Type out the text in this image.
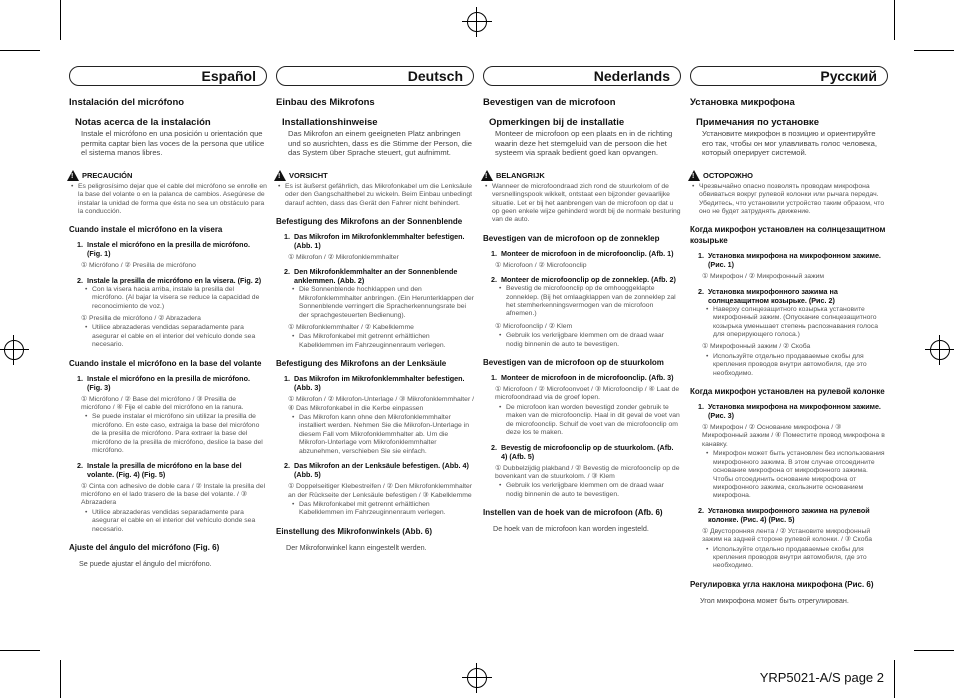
Español
Instalación del micrófono
Notas acerca de la instalación
Instale el micrófono en una posición u orientación que permita captar bien las voces de la persona que utilice el sistema manos libres.
! PRECAUCIÓN
• Es peligrosísimo dejar que el cable del micrófono se enrolle en la base del volante o en la palanca de cambios. Asegúrese de instalar la unidad de forma que ésta no sea un obstáculo para la conducción.
Cuando instale el micrófono en la visera
1. Instale el micrófono en la presilla de micrófono. (Fig. 1)
① Micrófono / ② Presilla de micrófono
2. Instale la presilla de micrófono en la visera. (Fig. 2)
• Con la visera hacia arriba, instale la presilla del micrófono. (Al bajar la visera se reduce la capacidad de reconocimiento de voz.)
① Presilla de micrófono / ② Abrazadera
• Utilice abrazaderas vendidas separadamente para asegurar el cable en el interior del vehículo donde sea necesario.
Cuando instale el micrófono en la base del volante
1. Instale el micrófono en la presilla de micrófono. (Fig. 3)
① Micrófono / ② Base del micrófono / ③ Presilla de micrófono / ④ Fije el cable del micrófono en la ranura.
• Se puede instalar el micrófono sin utilizar la presilla de micrófono. En este caso, extraiga la base del micrófono de la presilla de micrófono. Para extraer la base del micrófono de la presilla de micrófono, deslice la base del micrófono.
2. Instale la presilla de micrófono en la base del volante. (Fig. 4) (Fig. 5)
① Cinta con adhesivo de doble cara / ② Instale la presilla del micrófono en el lado trasero de la base del volante. / ③ Abrazadera
• Utilice abrazaderas vendidas separadamente para asegurar el cable en el interior del vehículo donde sea necesario.
Ajuste del ángulo del micrófono (Fig. 6)
Se puede ajustar el ángulo del micrófono.
Deutsch
Einbau des Mikrofons
Installationshinweise
Das Mikrofon an einem geeigneten Platz anbringen und so ausrichten, dass es die Stimme der Person, die das System über Sprache steuert, gut aufnimmt.
! VORSICHT
• Es ist äußerst gefährlich, das Mikrofonkabel um die Lenksäule oder den Gangschalthebel zu wickeln. Beim Einbau unbedingt darauf achten, dass das Gerät den Fahrer nicht behindert.
Befestigung des Mikrofons an der Sonnenblende
1. Das Mikrofon im Mikrofonklemmhalter befestigen. (Abb. 1)
① Mikrofon / ② Mikrofonklemmhalter
2. Den Mikrofonklemmhalter an der Sonnenblende anklemmen. (Abb. 2)
• Die Sonnenblende hochklappen und den Mikrofonklemmhalter anbringen. (Ein Herunterklappen der Sonnenblende verringert die Spracherkennungsrate bei der sprachgesteuerten Bedienung).
① Mikrofonklemmhalter / ② Kabelklemme
• Das Mikrofonkabel mit getrennt erhältlichen Kabelklemmen im Fahrzeuginnenraum verlegen.
Befestigung des Mikrofons an der Lenksäule
1. Das Mikrofon im Mikrofonklemmhalter befestigen. (Abb. 3)
① Mikrofon / ② Mikrofon-Unterlage / ③ Mikrofonklemmhalter / ④ Das Mikrofonkabel in die Kerbe einpassen
• Das Mikrofon kann ohne den Mikrofonklemmhalter installiert werden. Nehmen Sie die Mikrofon-Unterlage in diesem Fall vom Mikrofonklemmhalter ab. Um die Mikrofon-Unterlage vom Mikrofonklemmhalter abzunehmen, verschieben Sie sie einfach.
2. Das Mikrofon an der Lenksäule befestigen. (Abb. 4) (Abb. 5)
① Doppelseitiger Klebestreifen / ② Den Mikrofonklemmhalter an der Rückseite der Lenksäule befestigen / ③ Kabelklemme
• Das Mikrofonkabel mit getrennt erhältlichen Kabelklemmen im Fahrzeuginnenraum verlegen.
Einstellung des Mikrofonwinkels (Abb. 6)
Der Mikrofonwinkel kann eingestellt werden.
Nederlands
Bevestigen van de microfoon
Opmerkingen bij de installatie
Monteer de microfoon op een plaats en in de richting waarin deze het stemgeluid van de persoon die het systeem via spraak bedient goed kan opvangen.
! BELANGRIJK
• Wanneer de microfoondraad zich rond de stuurkolom of de versnellingspook wikkelt, ontstaat een bijzonder gevaarlijke situatie. Let er bij het aanbrengen van de microfoon op dat u op geen enkele wijze gehinderd wordt bij de normale besturing van de auto.
Bevestigen van de microfoon op de zonneklep
1. Monteer de microfoon in de microfoonclip. (Afb. 1)
① Microfoon / ② Microfoonclip
2. Monteer de microfoonclip op de zonneklep. (Afb. 2)
• Bevestig de microfoonclip op de omhooggeklapte zonneklep. (Bij het omlaagklappen van de zonneklep zal het stemherkenningsvermogen van de microfoon afnemen.)
① Microfoonclip / ② Klem
• Gebruik los verkrijgbare klemmen om de draad waar nodig binnenin de auto te bevestigen.
Bevestigen van de microfoon op de stuurkolom
1. Monteer de microfoon in de microfoonclip. (Afb. 3)
① Microfoon / ② Microfoonvoet / ③ Microfoonclip / ④ Laat de microfoondraad via de groef lopen.
• De microfoon kan worden bevestigd zonder gebruik te maken van de microfoonclip. Haal in dit geval de voet van de microfoonclip. Schuif de voet van de microfoonclip om deze los te maken.
2. Bevestig de microfoonclip op de stuurkolom. (Afb. 4) (Afb. 5)
① Dubbelzijdig plakband / ② Bevestig de microfoonclip op de bovenkant van de stuurkolom. / ③ Klem
• Gebruik los verkrijgbare klemmen om de draad waar nodig binnenin de auto te bevestigen.
Instellen van de hoek van de microfoon (Afb. 6)
De hoek van de microfoon kan worden ingesteld.
Русский
Установка микрофона
Примечания по установке
Установите микрофон в позицию и ориентируйте его так, чтобы он мог улавливать голос человека, который оперирует системой.
! ОСТОРОЖНО
• Чрезвычайно опасно позволять проводам микрофона обвиваться вокруг рулевой колонки или рычага передач. Убедитесь, что установили устройство таким образом, что оно не будет затруднять движение.
Когда микрофон установлен на солнцезащитном козырьке
1. Установка микрофона на микрофонном зажиме. (Рис. 1)
① Микрофон / ② Микрофонный зажим
2. Установка микрофонного зажима на солнцезащитном козырьке. (Рис. 2)
• Наверху солнцезащитного козырька установите микрофонный зажим. (Опускание солнцезащитного козырька уменьшает степень распознавания голоса для оперирующего голоса.)
① Микрофонный зажим / ② Скоба
• Используйте отдельно продаваемые скобы для крепления проводов внутри автомобиля, где это необходимо.
Когда микрофон установлен на рулевой колонке
1. Установка микрофона на микрофонном зажиме. (Рис. 3)
① Микрофон / ② Основание микрофона / ③ Микрофонный зажим / ④ Поместите провод микрофона в канавку.
• Микрофон может быть установлен без использования микрофонного зажима. В этом случае отсоедините основание микрофона от микрофонного зажима. Чтобы отсоединить основание микрофона от микрофонного зажима, скользните основанием микрофона.
2. Установка микрофонного зажима на рулевой колонке. (Рис. 4) (Рис. 5)
① Двусторонняя лента / ② Установите микрофонный зажим на задней стороне рулевой колонки. / ③ Скоба
• Используйте отдельно продаваемые скобы для крепления проводов внутри автомобиля, где это необходимо.
Регулировка угла наклона микрофона (Рис. 6)
Угол микрофона может быть отрегулирован.
YRP5021-A/S page 2
